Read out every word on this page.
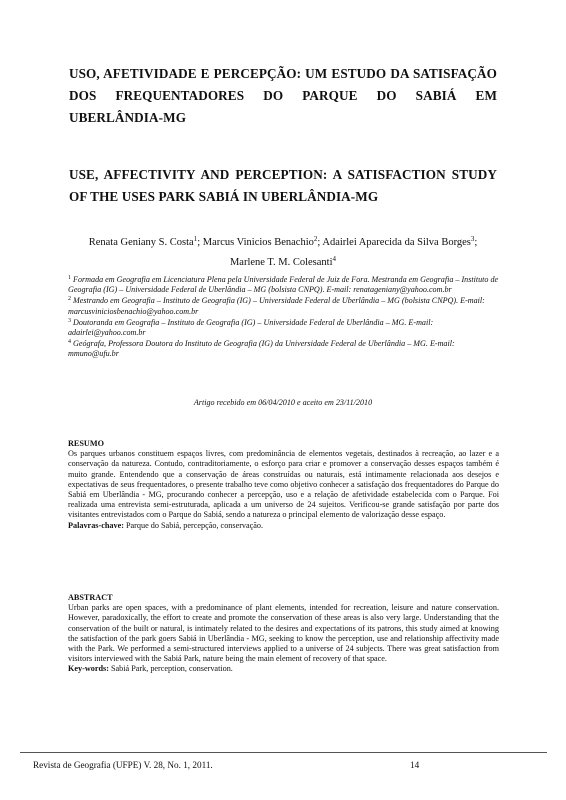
USO, AFETIVIDADE E PERCEPÇÃO: UM ESTUDO DA SATISFAÇÃO DOS FREQUENTADORES DO PARQUE DO SABIÁ EM UBERLÂNDIA-MG
USE, AFFECTIVITY AND PERCEPTION: A SATISFACTION STUDY OF THE USES PARK SABIÁ IN UBERLÂNDIA-MG
Renata Geniany S. Costa$^1$; Marcus Vinicios Benachio$^2$; Adairlei Aparecida da Silva Borges$^3$;
Marlene T. M. Colesanti$^4$
$^1$ Formada em Geografia em Licenciatura Plena pela Universidade Federal de Juiz de Fora. Mestranda em Geografia – Instituto de Geografia (IG) – Universidade Federal de Uberlândia – MG (bolsista CNPQ). E-mail: renatageniany@yahoo.com.br
$^2$ Mestrando em Geografia – Instituto de Geografia (IG) – Universidade Federal de Uberlândia – MG (bolsista CNPQ). E-mail: marcusviniciosbenachio@yahoo.com.br
$^3$ Doutoranda em Geografia – Instituto de Geografia (IG) – Universidade Federal de Uberlândia – MG. E-mail: adairlei@yahoo.com.br
$^4$ Geógrafa, Professora Doutora do Instituto de Geografia (IG) da Universidade Federal de Uberlândia – MG. E-mail: mmuno@ufu.br
Artigo recebido em 06/04/2010 e aceito em 23/11/2010

RESUMO

Os parques urbanos constituem espaços livres, com predominância de elementos vegetais, destinados à recreação, ao lazer e a conservação da natureza. Contudo, contraditoriamente, o esforço para criar e promover a conservação desses espaços também é muito grande. Entendendo que a conservação de áreas construídas ou naturais, está intimamente relacionada aos desejos e expectativas de seus frequentadores, o presente trabalho teve como objetivo conhecer a satisfação dos frequentadores do Parque do Sabiá em Uberlândia - MG, procurando conhecer a percepção, uso e a relação de afetividade estabelecida com o Parque. Foi realizada uma entrevista semi-estruturada, aplicada a um universo de 24 sujeitos. Verificou-se grande satisfação por parte dos visitantes entrevistados com o Parque do Sabiá, sendo a natureza o principal elemento de valorização desse espaço.

Palavras-chave: Parque do Sabiá, percepção, conservação.

ABSTRACT

Urban parks are open spaces, with a predominance of plant elements, intended for recreation, leisure and nature conservation. However, paradoxically, the effort to create and promote the conservation of these areas is also very large. Understanding that the conservation of the built or natural, is intimately related to the desires and expectations of its patrons, this study aimed at knowing the satisfaction of the park goers Sabiá in Uberlândia - MG, seeking to know the perception, use and relationship affectivity made with the Park. We performed a semi-structured interviews applied to a universe of 24 subjects. There was great satisfaction from visitors interviewed with the Sabiá Park, nature being the main element of recovery of that space.

Key-words: Sabiá Park, perception, conservation.

Revista de Geografia (UFPE) V. 28, No. 1, 2011.	14
